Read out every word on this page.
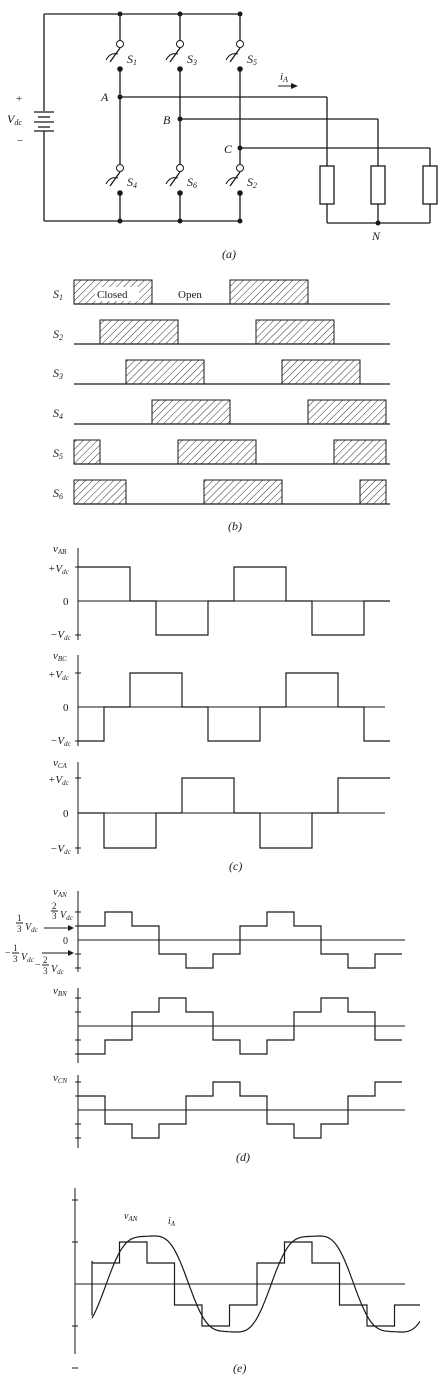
+
−
Vdc
S1	S3	S5
S4	S6	S2
A
B
C
N
iA
(a)
S1
S2
S3
S4
S5
S6
Closed	Open
(b)
vAB
+Vdc
0
−Vdc
vBC
+Vdc
0
−Vdc
vCA
+Vdc
0
−Vdc
(c)
vAN
vBN
vCN
2
3 $V_{dc}$
1
3 $V_{dc}$
0
− 1
3 $V_{dc} - 2$
3 $V_{dc}$
(d)
$v_{AN}$	$i_A$
(e)
